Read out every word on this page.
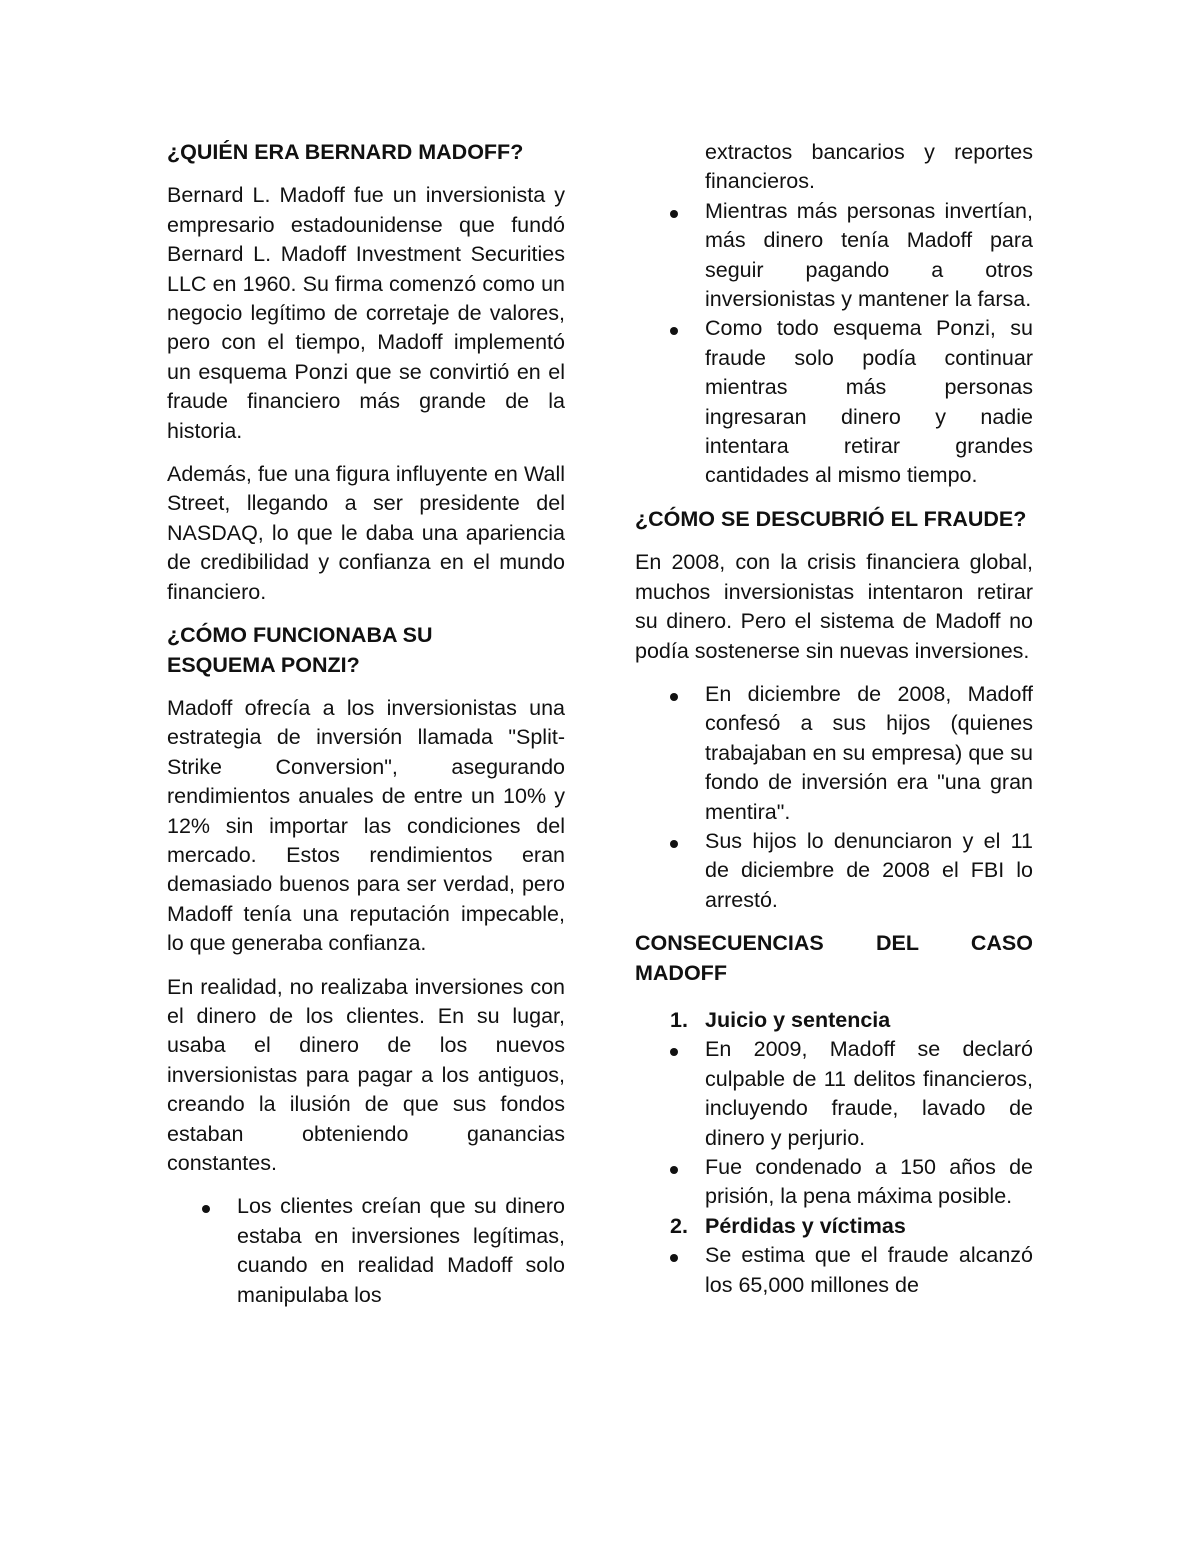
¿QUIÉN ERA BERNARD MADOFF?

Bernard L. Madoff fue un inversionista y empresario estadounidense que fundó Bernard L. Madoff Investment Securities LLC en 1960. Su firma comenzó como un negocio legítimo de corretaje de valores, pero con el tiempo, Madoff implementó un esquema Ponzi que se convirtió en el fraude financiero más grande de la historia.

Además, fue una figura influyente en Wall Street, llegando a ser presidente del NASDAQ, lo que le daba una apariencia de credibilidad y confianza en el mundo financiero.

¿CÓMO FUNCIONABA SU ESQUEMA PONZI?

Madoff ofrecía a los inversionistas una estrategia de inversión llamada "Split-Strike Conversion", asegurando rendimientos anuales de entre un 10% y 12% sin importar las condiciones del mercado. Estos rendimientos eran demasiado buenos para ser verdad, pero Madoff tenía una reputación impecable, lo que generaba confianza.

En realidad, no realizaba inversiones con el dinero de los clientes. En su lugar, usaba el dinero de los nuevos inversionistas para pagar a los antiguos, creando la ilusión de que sus fondos estaban obteniendo ganancias constantes.

Los clientes creían que su dinero estaba en inversiones legítimas, cuando en realidad Madoff solo manipulaba los

extractos bancarios y reportes financieros.

Mientras más personas invertían, más dinero tenía Madoff para seguir pagando a otros inversionistas y mantener la farsa.
Como todo esquema Ponzi, su fraude solo podía continuar mientras más personas ingresaran dinero y nadie intentara retirar grandes cantidades al mismo tiempo.
¿CÓMO SE DESCUBRIÓ EL FRAUDE?

En 2008, con la crisis financiera global, muchos inversionistas intentaron retirar su dinero. Pero el sistema de Madoff no podía sostenerse sin nuevas inversiones.

En diciembre de 2008, Madoff confesó a sus hijos (quienes trabajaban en su empresa) que su fondo de inversión era "una gran mentira".
Sus hijos lo denunciaron y el 11 de diciembre de 2008 el FBI lo arrestó.
CONSECUENCIAS DEL CASO MADOFF
1. Juicio y sentencia
En 2009, Madoff se declaró culpable de 11 delitos financieros, incluyendo fraude, lavado de dinero y perjurio.
Fue condenado a 150 años de prisión, la pena máxima posible.
2. Pérdidas y víctimas
Se estima que el fraude alcanzó los 65,000 millones de
